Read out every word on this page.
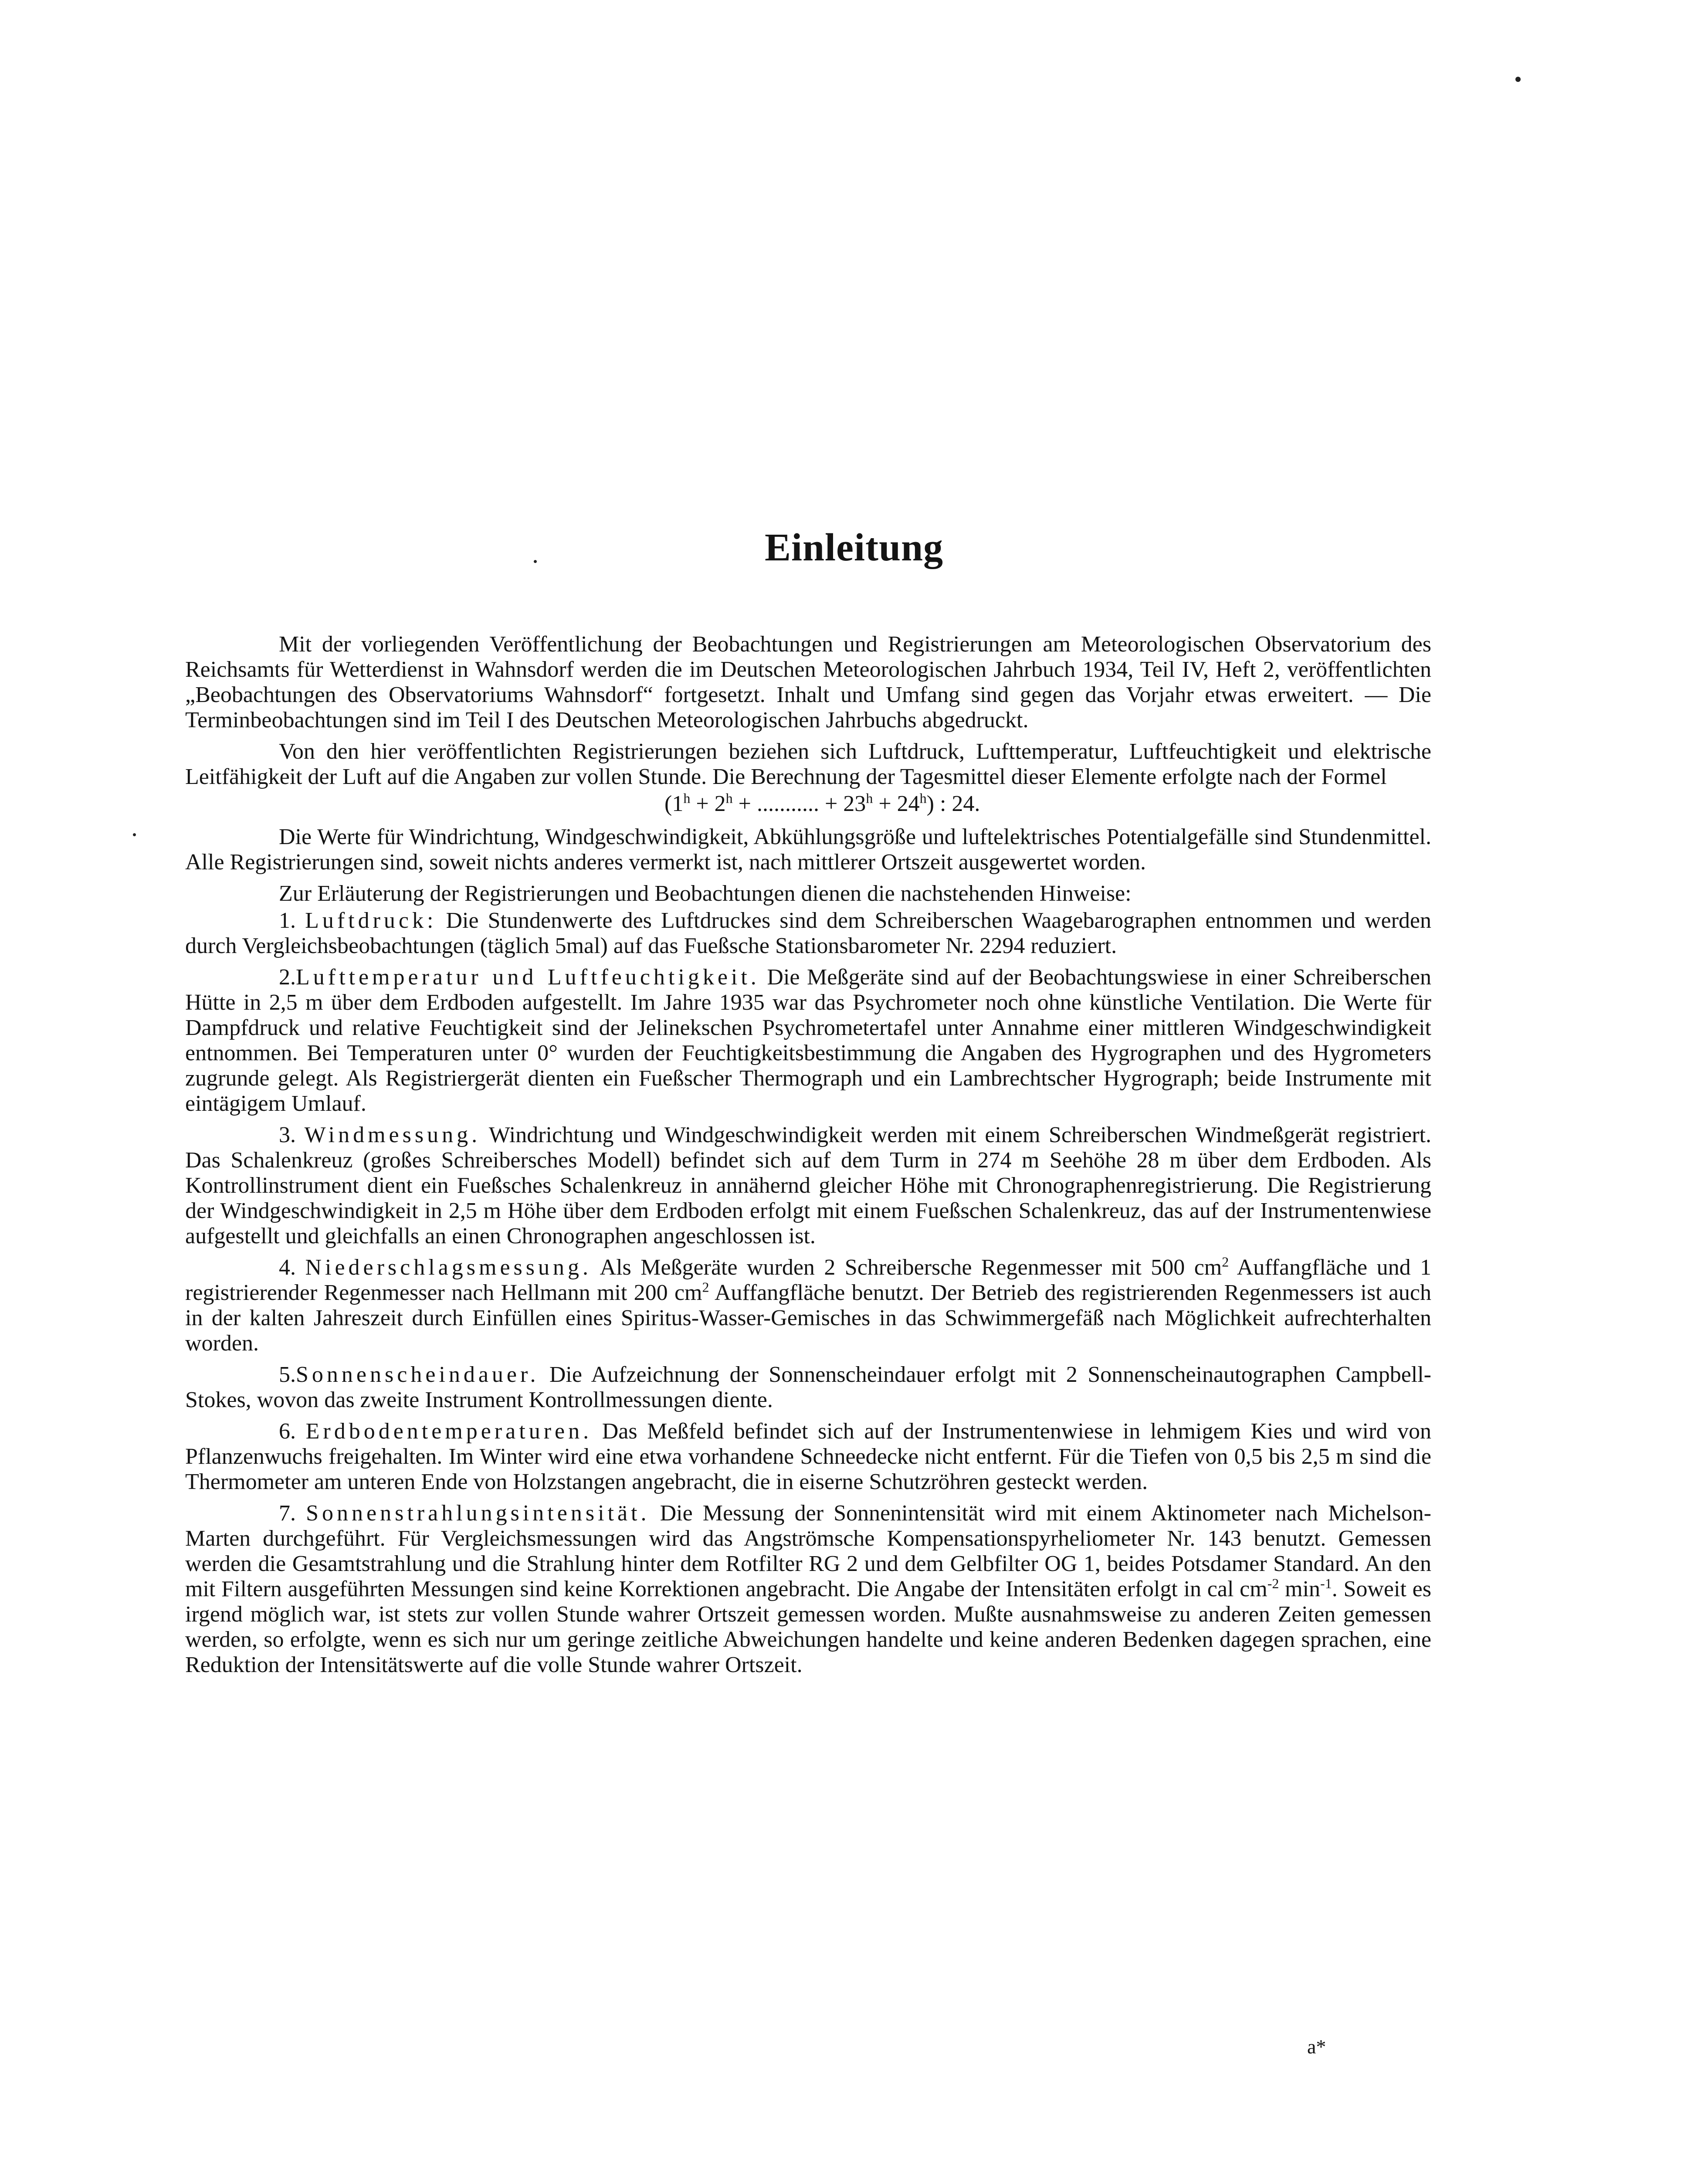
Einleitung

Mit der vorliegenden Veröffentlichung der Beobachtungen und Registrierungen am Meteorologischen Observatorium des Reichsamts für Wetterdienst in Wahnsdorf werden die im Deutschen Meteorologischen Jahrbuch 1934, Teil IV, Heft 2, veröffentlichten „Beobachtungen des Observatoriums Wahnsdorf“ fortgesetzt. Inhalt und Umfang sind gegen das Vorjahr etwas erweitert. — Die Terminbeobachtungen sind im Teil I des Deutschen Meteorologischen Jahrbuchs abgedruckt.

Von den hier veröffentlichten Registrierungen beziehen sich Luftdruck, Lufttemperatur, Luftfeuchtigkeit und elektrische Leitfähigkeit der Luft auf die Angaben zur vollen Stunde. Die Berechnung der Tagesmittel dieser Elemente erfolgte nach der Formel

($1^h + 2^h$ + ........... + $23^h + 24^h$) : 24.

Die Werte für Windrichtung, Windgeschwindigkeit, Abkühlungsgröße und luftelektrisches Potentialgefälle sind Stundenmittel. Alle Registrierungen sind, soweit nichts anderes vermerkt ist, nach mittlerer Ortszeit ausgewertet worden.

Zur Erläuterung der Registrierungen und Beobachtungen dienen die nachstehenden Hinweise:

1. Luftdruck: Die Stundenwerte des Luftdruckes sind dem Schreiberschen Waagebarographen entnommen und werden durch Vergleichsbeobachtungen (täglich 5mal) auf das Fueßsche Stationsbarometer Nr. 2294 reduziert.

2.Lufttemperatur und Luftfeuchtigkeit. Die Meßgeräte sind auf der Beobachtungswiese in einer Schreiberschen Hütte in 2,5 m über dem Erdboden aufgestellt. Im Jahre 1935 war das Psychrometer noch ohne künstliche Ventilation. Die Werte für Dampfdruck und relative Feuchtigkeit sind der Jelinekschen Psychrometertafel unter Annahme einer mittleren Windgeschwindigkeit entnommen. Bei Temperaturen unter 0° wurden der Feuchtigkeitsbestimmung die Angaben des Hygrographen und des Hygrometers zugrunde gelegt. Als Registriergerät dienten ein Fueßscher Thermograph und ein Lambrechtscher Hygrograph; beide Instrumente mit eintägigem Umlauf.

3. Windmessung. Windrichtung und Windgeschwindigkeit werden mit einem Schreiberschen Windmeßgerät registriert. Das Schalenkreuz (großes Schreibersches Modell) befindet sich auf dem Turm in 274 m Seehöhe 28 m über dem Erdboden. Als Kontrollinstrument dient ein Fueßsches Schalenkreuz in annähernd gleicher Höhe mit Chronographenregistrierung. Die Registrierung der Windgeschwindigkeit in 2,5 m Höhe über dem Erdboden erfolgt mit einem Fueßschen Schalenkreuz, das auf der Instrumentenwiese aufgestellt und gleichfalls an einen Chronographen angeschlossen ist.

4. Niederschlagsmessung. Als Meßgeräte wurden 2 Schreibersche Regenmesser mit 500 $cm^2$ Auffangfläche und 1 registrierender Regenmesser nach Hellmann mit 200 $cm^2$ Auffangfläche benutzt. Der Betrieb des registrierenden Regenmessers ist auch in der kalten Jahreszeit durch Einfüllen eines Spiritus-Wasser-Gemisches in das Schwimmergefäß nach Möglichkeit aufrechterhalten worden.

5.Sonnenscheindauer. Die Aufzeichnung der Sonnenscheindauer erfolgt mit 2 Sonnenscheinautographen Campbell-Stokes, wovon das zweite Instrument Kontrollmessungen diente.

6. Erdbodentemperaturen. Das Meßfeld befindet sich auf der Instrumentenwiese in lehmigem Kies und wird von Pflanzenwuchs freigehalten. Im Winter wird eine etwa vorhandene Schneedecke nicht entfernt. Für die Tiefen von 0,5 bis 2,5 m sind die Thermometer am unteren Ende von Holzstangen angebracht, die in eiserne Schutzröhren gesteckt werden.

7. Sonnenstrahlungsintensität. Die Messung der Sonnenintensität wird mit einem Aktinometer nach Michelson-Marten durchgeführt. Für Vergleichsmessungen wird das Angströmsche Kompensationspyrheliometer Nr. 143 benutzt. Gemessen werden die Gesamtstrahlung und die Strahlung hinter dem Rotfilter RG 2 und dem Gelbfilter OG 1, beides Potsdamer Standard. An den mit Filtern ausgeführten Messungen sind keine Korrektionen angebracht. Die Angabe der Intensitäten erfolgt in cal $cm^{-2}$ $\min^{-1}$. Soweit es irgend möglich war, ist stets zur vollen Stunde wahrer Ortszeit gemessen worden. Mußte ausnahmsweise zu anderen Zeiten gemessen werden, so erfolgte, wenn es sich nur um geringe zeitliche Abweichungen handelte und keine anderen Bedenken dagegen sprachen, eine Reduktion der Intensitätswerte auf die volle Stunde wahrer Ortszeit.

a*
